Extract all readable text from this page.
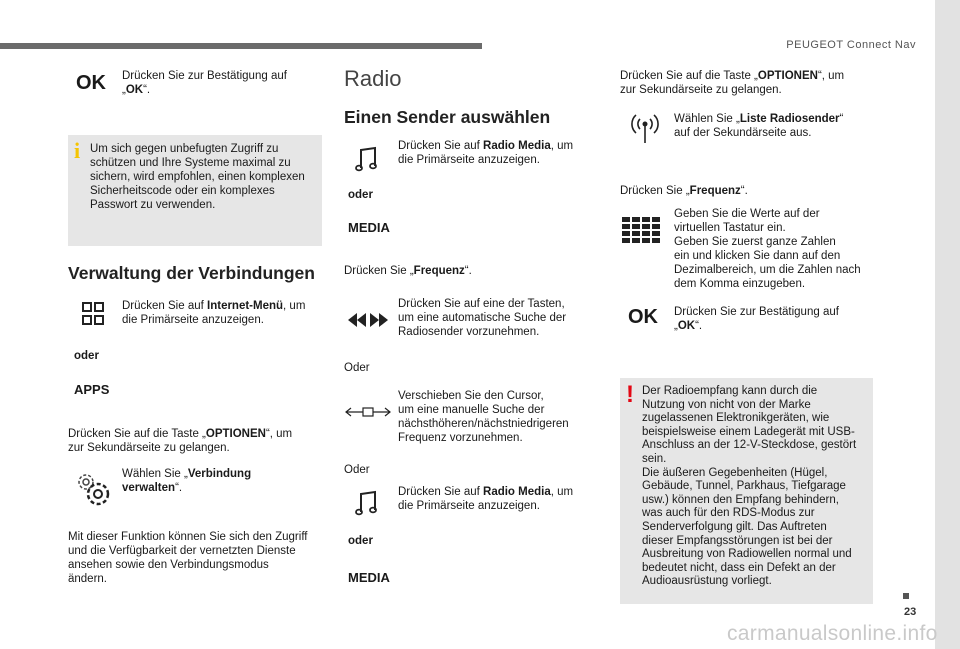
PEUGEOT Connect Nav
OK Drücken Sie zur Bestätigung auf
„OK“.
i Um sich gegen unbefugten Zugriff zu
schützen und Ihre Systeme maximal zu
sichern, wird empfohlen, einen komplexen
Sicherheitscode oder ein komplexes
Passwort zu verwenden.
Verwaltung der Verbindungen
Drücken Sie auf Internet-Menü, um
die Primärseite anzuzeigen.
oder
APPS
Drücken Sie auf die Taste „OPTIONEN“, um
zur Sekundärseite zu gelangen.
Wählen Sie „Verbindung
verwalten“.
Mit dieser Funktion können Sie sich den Zugriff
und die Verfügbarkeit der vernetzten Dienste
ansehen sowie den Verbindungsmodus
ändern.
Radio
Einen Sender auswählen
Drücken Sie auf Radio Media, um
die Primärseite anzuzeigen.
oder
MEDIA
Drücken Sie „Frequenz“.
Drücken Sie auf eine der Tasten,
um eine automatische Suche der
Radiosender vorzunehmen.
Oder
Verschieben Sie den Cursor,
um eine manuelle Suche der
nächsthöheren/nächstniedrigeren
Frequenz vorzunehmen.
Oder
Drücken Sie auf Radio Media, um
die Primärseite anzuzeigen.
oder
MEDIA
Drücken Sie auf die Taste „OPTIONEN“, um
zur Sekundärseite zu gelangen.
Wählen Sie „Liste Radiosender“
auf der Sekundärseite aus.
Drücken Sie „Frequenz“.
Geben Sie die Werte auf der
virtuellen Tastatur ein.
Geben Sie zuerst ganze Zahlen
ein und klicken Sie dann auf den
Dezimalbereich, um die Zahlen nach
dem Komma einzugeben.
OK Drücken Sie zur Bestätigung auf
„OK“.
! Der Radioempfang kann durch die
Nutzung von nicht von der Marke
zugelassenen Elektronikgeräten, wie
beispielsweise einem Ladegerät mit USB-
Anschluss an der 12-V-Steckdose, gestört
sein.
Die äußeren Gegebenheiten (Hügel,
Gebäude, Tunnel, Parkhaus, Tiefgarage
usw.) können den Empfang behindern,
was auch für den RDS-Modus zur
Senderverfolgung gilt. Das Auftreten
dieser Empfangsstörungen ist bei der
Ausbreitung von Radiowellen normal und
bedeutet nicht, dass ein Defekt an der
Audioausrüstung vorliegt.
23
carmanualsonline.info
